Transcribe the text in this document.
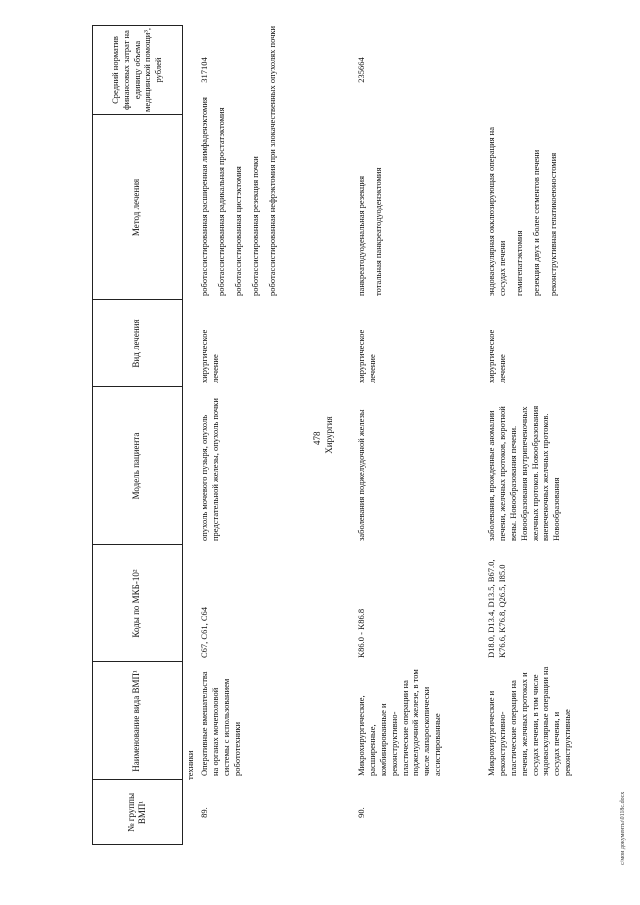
478
№ группы ВМП¹
Наименование вида ВМП¹
Коды по МКБ-10²
Модель пациента
Вид лечения
Метод лечения
Средний норматив финансовых затрат на единицу объема медицинской помощи³, рублей
техники
89.
Оперативные вмешательства на органах мочеполовой системы с использованием робототехники
C67, C61, C64
опухоль мочевого пузыря, опухоль предстательной железы, опухоль почки
хирургическое лечение
роботассистированная расширенная лимфаденэктомия роботассистированная радикальная простатэктомия роботассистированная цистэктомия роботассистированная резекция почки роботассистированная нефрэктомия при злокачественных опухолях почки
317104
Хирургия
90.
Микрохирургические, расширенные, комбинированные и реконструктивно-пластические операции на поджелудочной железе, в том числе лапароскопически ассистированные
K86.0 - K86.8
заболевания поджелудочной железы
хирургическое лечение
панкреатодуоденальная резекция тотальная панкреатодуоденэктомия
235664
Микрохирургические и реконструктивно-пластические операции на печени, желчных протоках и сосудах печени, в том числе эндоваскулярные операции на сосудах печени, и реконструктивные
D18.0, D13.4, D13.5, B67.0, K76.6, K76.8, Q26.5, I85.0
заболевания, врожденные аномалии печени, желчных протоков, воротной вены. Новообразования печени. Новообразования внутрипеченочных желчных протоков. Новообразования внепеченочных желчных протоков. Новообразования
хирургическое лечение
эндоваскулярная окклюзирующая операция на сосудах печени гемигепатэктомия резекция двух и более сегментов печени реконструктивная гепатикоеюностомия
с/мои документы\0118с.docx
